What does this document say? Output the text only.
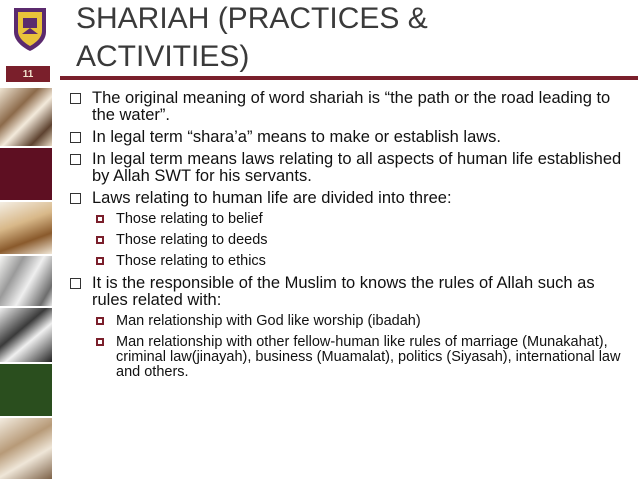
11
SHARIAH (PRACTICES &
ACTIVITIES)
The original meaning of word shariah is “the path or the road leading to the water”.
In legal term “shara’a” means to make or establish laws.
In legal term means laws relating to all aspects of human life established by Allah SWT for his servants.
Laws relating to human life are divided into three:
Those relating to belief
Those relating to deeds
Those relating to ethics
It is the responsible of the Muslim to knows the rules of Allah such as rules related with:
Man relationship with God like worship (ibadah)
Man relationship with other fellow-human like rules of marriage (Munakahat), criminal law(jinayah), business (Muamalat), politics (Siyasah), international law and others.
